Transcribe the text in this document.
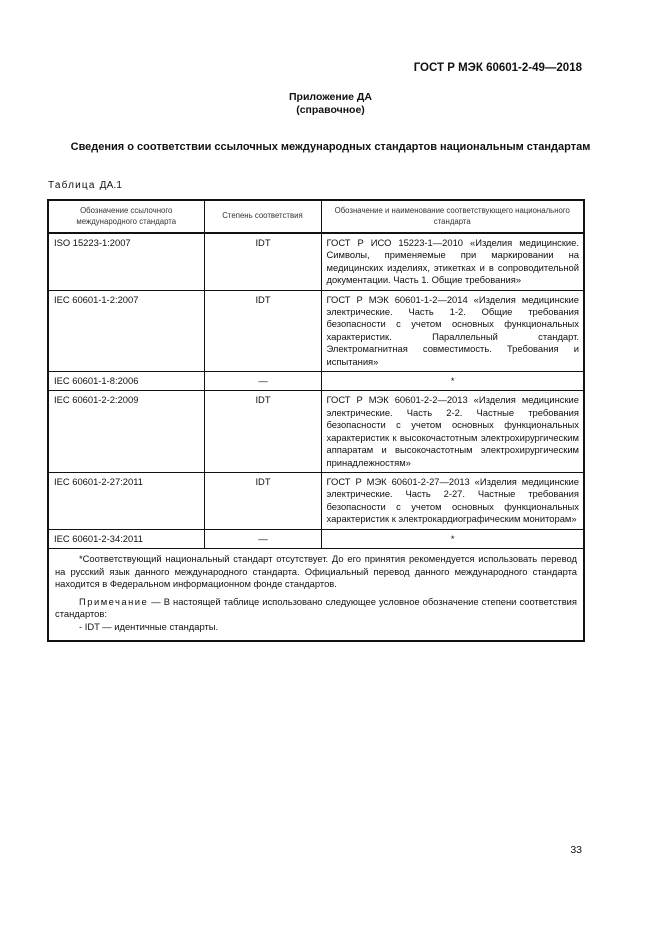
ГОСТ Р МЭК 60601-2-49—2018
Приложение ДА
(справочное)
Сведения о соответствии ссылочных международных стандартов национальным стандартам
Таблица ДА.1
Обозначение ссылочного международного стандарта	Степень соответствия	Обозначение и наименование соответствующего национального стандарта
ISO 15223-1:2007	IDT	ГОСТ Р ИСО 15223-1—2010 «Изделия медицинские. Символы, применяемые при маркировании на медицинских изделиях, этикетках и в сопроводительной документации. Часть 1. Общие требования»
IEC 60601-1-2:2007	IDT	ГОСТ Р МЭК 60601-1-2—2014 «Изделия медицинские электрические. Часть 1-2. Общие требования безопасности с учетом основных функциональных характеристик. Параллельный стандарт. Электромагнитная совместимость. Требования и испытания»
IEC 60601-1-8:2006	—	*
IEC 60601-2-2:2009	IDT	ГОСТ Р МЭК 60601-2-2—2013 «Изделия медицинские электрические. Часть 2-2. Частные требования безопасности с учетом основных функциональных характеристик к высокочастотным электрохирургическим аппаратам и высокочастотным электрохирургическим принадлежностям»
IEC 60601-2-27:2011	IDT	ГОСТ Р МЭК 60601-2-27—2013 «Изделия медицинские электрические. Часть 2-27. Частные требования безопасности с учетом основных функциональных характеристик к электрокардиографическим мониторам»
IEC 60601-2-34:2011	—	*

*Соответствующий национальный стандарт отсутствует. До его принятия рекомендуется использовать перевод на русский язык данного международного стандарта. Официальный перевод данного международного стандарта находится в Федеральном информационном фонде стандартов.

Примечание — В настоящей таблице использовано следующее условное обозначение степени соответствия стандартов:

- IDT — идентичные стандарты.		

33
